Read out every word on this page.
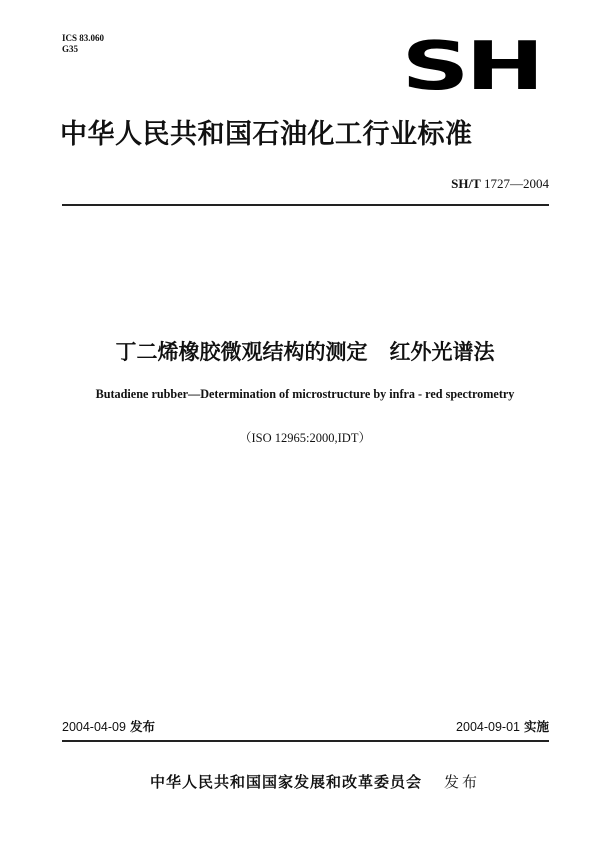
ICS 83.060
G35	SH
中华人民共和国石油化工行业标准
SH/T 1727—2004
丁二烯橡胶微观结构的测定 红外光谱法
Butadiene rubber—Determination of microstructure by infra - red spectrometry
（ISO 12965:2000,IDT）
2004-04-09 发布	2004-09-01 实施
中华人民共和国国家发展和改革委员会 发布
